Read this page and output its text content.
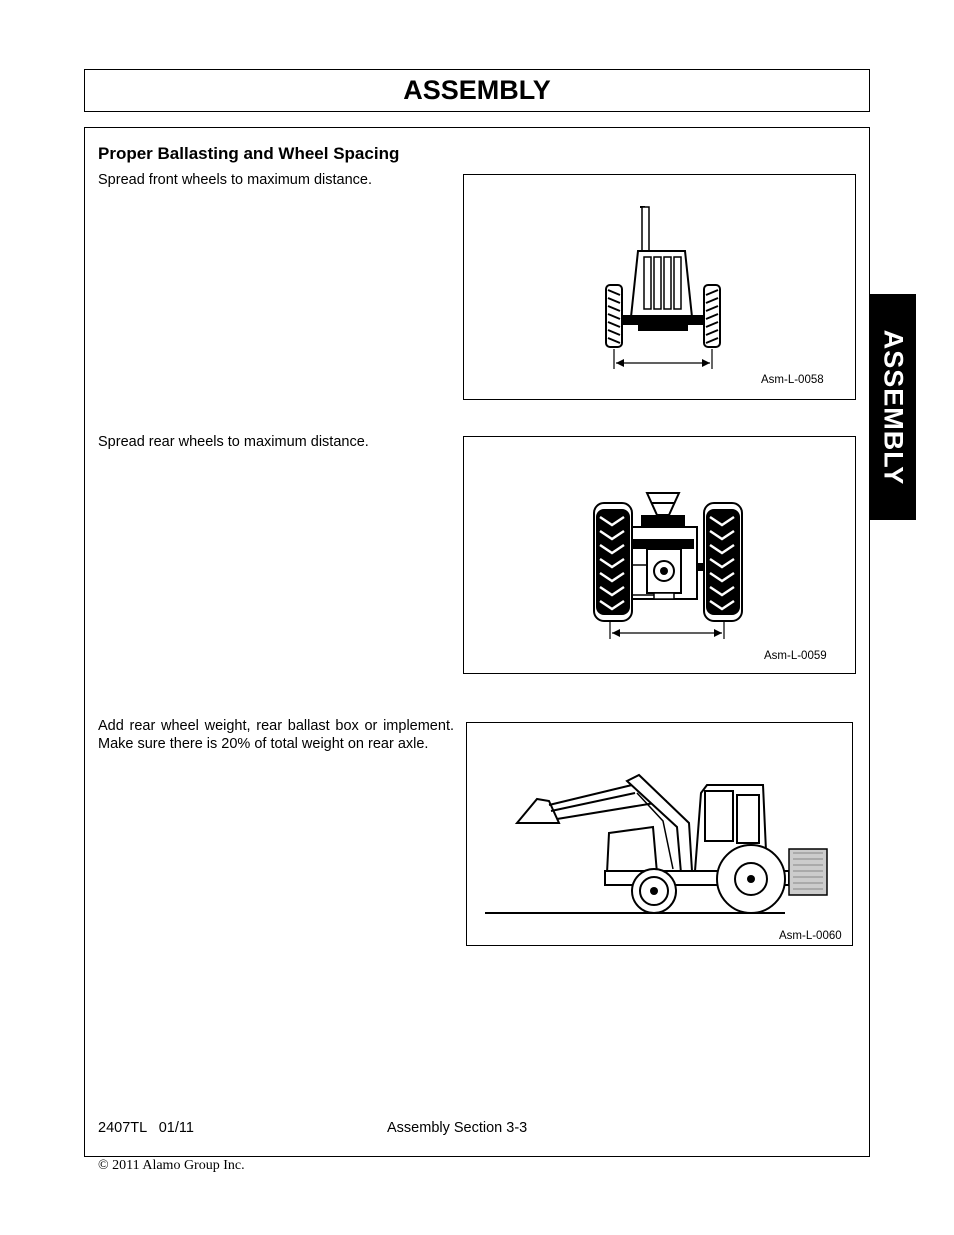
ASSEMBLY
ASSEMBLY
Proper Ballasting and Wheel Spacing
Spread front wheels to maximum distance.
Spread rear wheels to maximum distance.
Add rear wheel weight, rear ballast box or implement. Make sure there is 20% of total weight on rear axle.
Asm-L-0058
Asm-L-0059
Asm-L-0060
2407TL   01/11	Assembly Section 3-3
© 2011 Alamo Group Inc.
